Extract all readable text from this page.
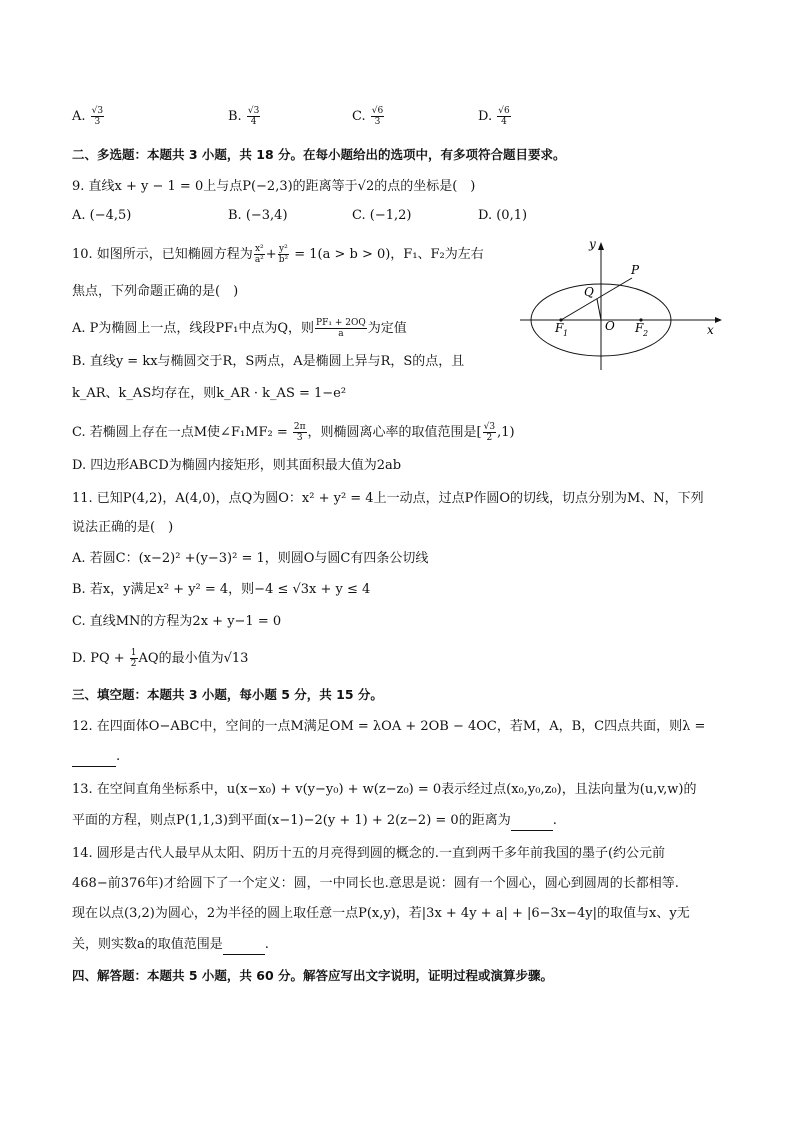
A. $\frac{√3}{3}$	B. $\frac{√3}{4}$	C. $\frac{√6}{3}$	D. $\frac{√6}{4}$
二、多选题：本题共 3 小题，共 18 分。在每小题给出的选项中，有多项符合题目要求。
9. 直线x + y − 1 = 0上与点P(−2,3)的距离等于√2的点的坐标是(　)
A. (−4,5)	B. (−3,4)	C. (−1,2)	D. (0,1)
10. 如图所示，已知椭圆方程为 $\frac{\text{x²}}{\text{a²}} + \frac{\text{y²}}{\text{b²}} = 1(a > b > 0)$，F₁、F₂为左右
焦点，下列命题正确的是(　)
A. P为椭圆上一点，线段PF₁中点为Q，则 $\frac{\text{PF₁ + 2OQ}}{a}$ 为定值
B. 直线y = kx与椭圆交于R，S两点，A是椭圆上异与R，S的点，且
k_AR、k_AS均存在，则k_AR · k_AS = 1−e²
C. 若椭圆上存在一点M使∠F₁MF₂ = $\frac{2\pi}{3}$ ，则椭圆离心率的取值范围是[ $\frac{√3}{2} ,1$)
D. 四边形ABCD为椭圆内接矩形，则其面积最大值为2ab
y
x
P
Q
O
F 1	F 2
11. 已知P(4,2)，A(4,0)，点Q为圆O：x² + y² = 4上一动点，过点P作圆O的切线，切点分别为M、N，下列
说法正确的是(　)
A. 若圆C：(x−2)² +(y−3)² = 1，则圆O与圆C有四条公切线
B. 若x，y满足x² + y² = 4，则−4 ≤ √3x + y ≤ 4
C. 直线MN的方程为2x + y−1 = 0
D. PQ + $\frac{1}{2}$ AQ的最小值为√13
三、填空题：本题共 3 小题，每小题 5 分，共 15 分。
12. 在四面体O−ABC中，空间的一点M满足OM = λOA + 2OB − 4OC，若M，A，B，C四点共面，则λ =
.
13. 在空间直角坐标系中，u(x−x₀) + v(y−y₀) + w(z−z₀) = 0表示经过点(x₀,y₀,z₀)，且法向量为(u,v,w)的
平面的方程，则点P(1,1,3)到平面(x−1)−2(y + 1) + 2(z−2) = 0的距离为	.
14. 圆形是古代人最早从太阳、阴历十五的月亮得到圆的概念的.一直到两千多年前我国的墨子(约公元前
468−前376年)才给圆下了一个定义：圆，一中同长也.意思是说：圆有一个圆心，圆心到圆周的长都相等.
现在以点(3,2)为圆心，2为半径的圆上取任意一点P(x,y)，若|3x + 4y + a| + |6−3x−4y|的取值与x、y无
关，则实数a的取值范围是	.
四、解答题：本题共 5 小题，共 60 分。解答应写出文字说明，证明过程或演算步骤。
